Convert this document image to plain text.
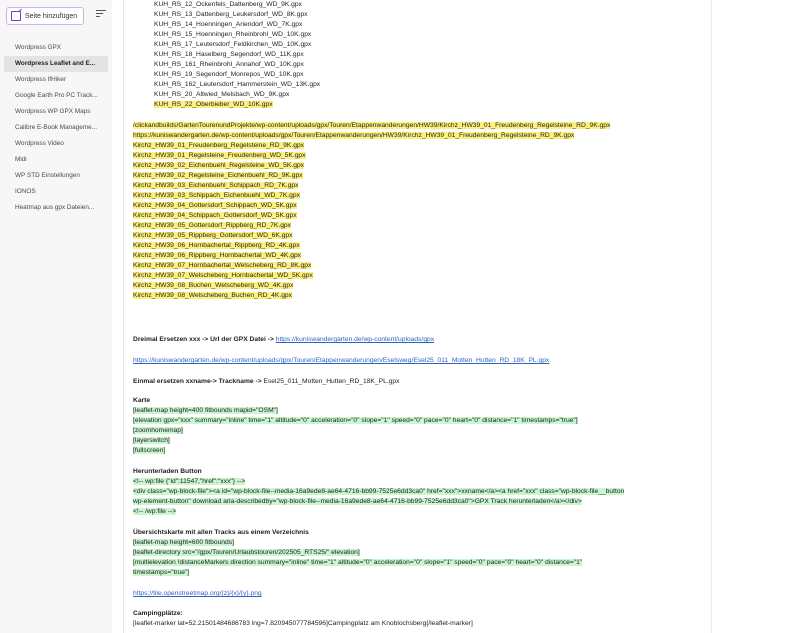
Seite hinzufügen
Wordpress GPX
Wordpress Leaflet and E...
Wordpress IfHiker
Google Earth Pro PC Track...
Wordpress WP GPX Maps
Calibre E-Book Manageme...
Wordpress Video
Midi
WP STD Einstellungen
IONOS
Heatmap aus gpx Dateien...
KUH_RS_12_Ockenfels_Dattenberg_WD_9K.gpx
KUH_RS_13_Dattenberg_Leukersdorf_WD_8K.gpx
KUH_RS_14_Hoenningen_Ariendorf_WD_7K.gpx
KUH_RS_15_Hoenningen_Rheinbrohl_WD_10K.gpx
KUH_RS_17_Leutersdorf_Feldkirchen_WD_10K.gpx
KUH_RS_18_Haselberg_Segendorf_WD_11K.gpx
KUH_RS_161_Rheinbrohl_Annahof_WD_10K.gpx
KUH_RS_19_Segendorf_Monrepos_WD_10K.gpx
KUH_RS_162_Leutersdorf_Hammerstein_WD_13K.gpx
KUH_RS_20_Altwied_Melsbach_WD_9K.gpx
KUH_RS_22_Oberbieber_WD_10K.gpx
/clickandbuilds/GartenTourenundProjekte/wp-content/uploads/gpx/Touren/Etappenwanderungen/HW39/Kirchz_HW39_01_Freudenberg_Regelsteine_RD_9K.gpx
https://kuniswandergarten.de/wp-content/uploads/gpx/Touren/Etappenwanderungen/HW39/Kirchz_HW39_01_Freudenberg_Regelsteine_RD_9K.gpx
Kirchz_HW39_01_Freudenberg_Regelsteine_RD_9K.gpx
Kirchz_HW39_01_Regelsteine_Freudenberg_WD_5K.gpx
Kirchz_HW39_02_Eichenbuehl_Regelsteine_WD_5K.gpx
Kirchz_HW39_02_Regelsteine_Eichenbuehl_RD_9K.gpx
Kirchz_HW39_03_Eichenbuehl_Schippach_RD_7K.gpx
Kirchz_HW39_03_Schippach_Eichenbuehl_WD_7K.gpx
Kirchz_HW39_04_Gottersdorf_Schippach_WD_5K.gpx
Kirchz_HW39_04_Schippach_Gottersdorf_WD_5K.gpx
Kirchz_HW39_05_Gottersdorf_Rippberg_RD_7K.gpx
Kirchz_HW39_05_Rippberg_Gottersdorf_WD_6K.gpx
Kirchz_HW39_06_Hornbachertal_Rippberg_RD_4K.gpx
Kirchz_HW39_06_Rippberg_Hornbachertal_WD_4K.gpx
Kirchz_HW39_07_Hornbachertal_Welscheberg_RD_8K.gpx
Kirchz_HW39_07_Welscheberg_Hornbachertal_WD_5K.gpx
Kirchz_HW39_08_Buchen_Welscheberg_WD_4K.gpx
Kirchz_HW39_08_Welscheberg_Buchen_RD_4K.gpx
Dreimal Ersetzen xxx -> Url der GPX Datei -> https://kuniswandergarten.de/wp-content/uploads/gpx
https://kuniswandergarten.de/wp-content/uploads/gpx/Touren/Etappenwanderungen/Eselsweg/Esel25_011_Motten_Hutten_RD_18K_PL.gpx
Einmal ersetzen xxname-> Trackname -> Esel25_011_Motten_Hutten_RD_18K_PL.gpx
Karte
[leaflet-map height=400 fitbounds mapid="OSM"]
[elevation gpx="xxx" summary="inline" time="1" altitude="0" acceleration="0" slope="1" speed="0" pace="0" heart="0" distance="1" timestamps="true"]
[zoomhomemap]
[layerswitch]
[fullscreen]
Herunterladen Button
<!-- wp:file {"id":11547,"href":"xxx"} -->
<div class="wp-block-file"><a id="wp-block-file--media-16a9ede8-ae64-4716-bb99-7525e6dd3ca0" href="xxx">xxname</a><a href="xxx" class="wp-block-file__button
wp-element-button" download aria-describedby="wp-block-file--media-16a9ede8-ae64-4716-bb99-7525e6dd3ca0">GPX Track herunterladen</a></div>
<!-- /wp:file -->
Übersichtskarte mit allen Tracks aus einem Verzeichnis
[leaflet-map height=600 fitbounds]
[leaflet-directory src="/gpx/Touren/Urlaubstouren/202505_RTS25/" elevation]
[multielevation !distanceMarkers direction summary="inline" time="1" altitude="0" acceleration="0" slope="1" speed="0" pace="0" heart="0" distance="1"
timestamps="true"]
https://tile.openstreetmap.org/{z}/{x}/{y}.png
Campingplätze:
[leaflet-marker lat=52.21501484686783 lng=7.820945077784596]Campingplatz am Knoblochsberg[/leaflet-marker]
